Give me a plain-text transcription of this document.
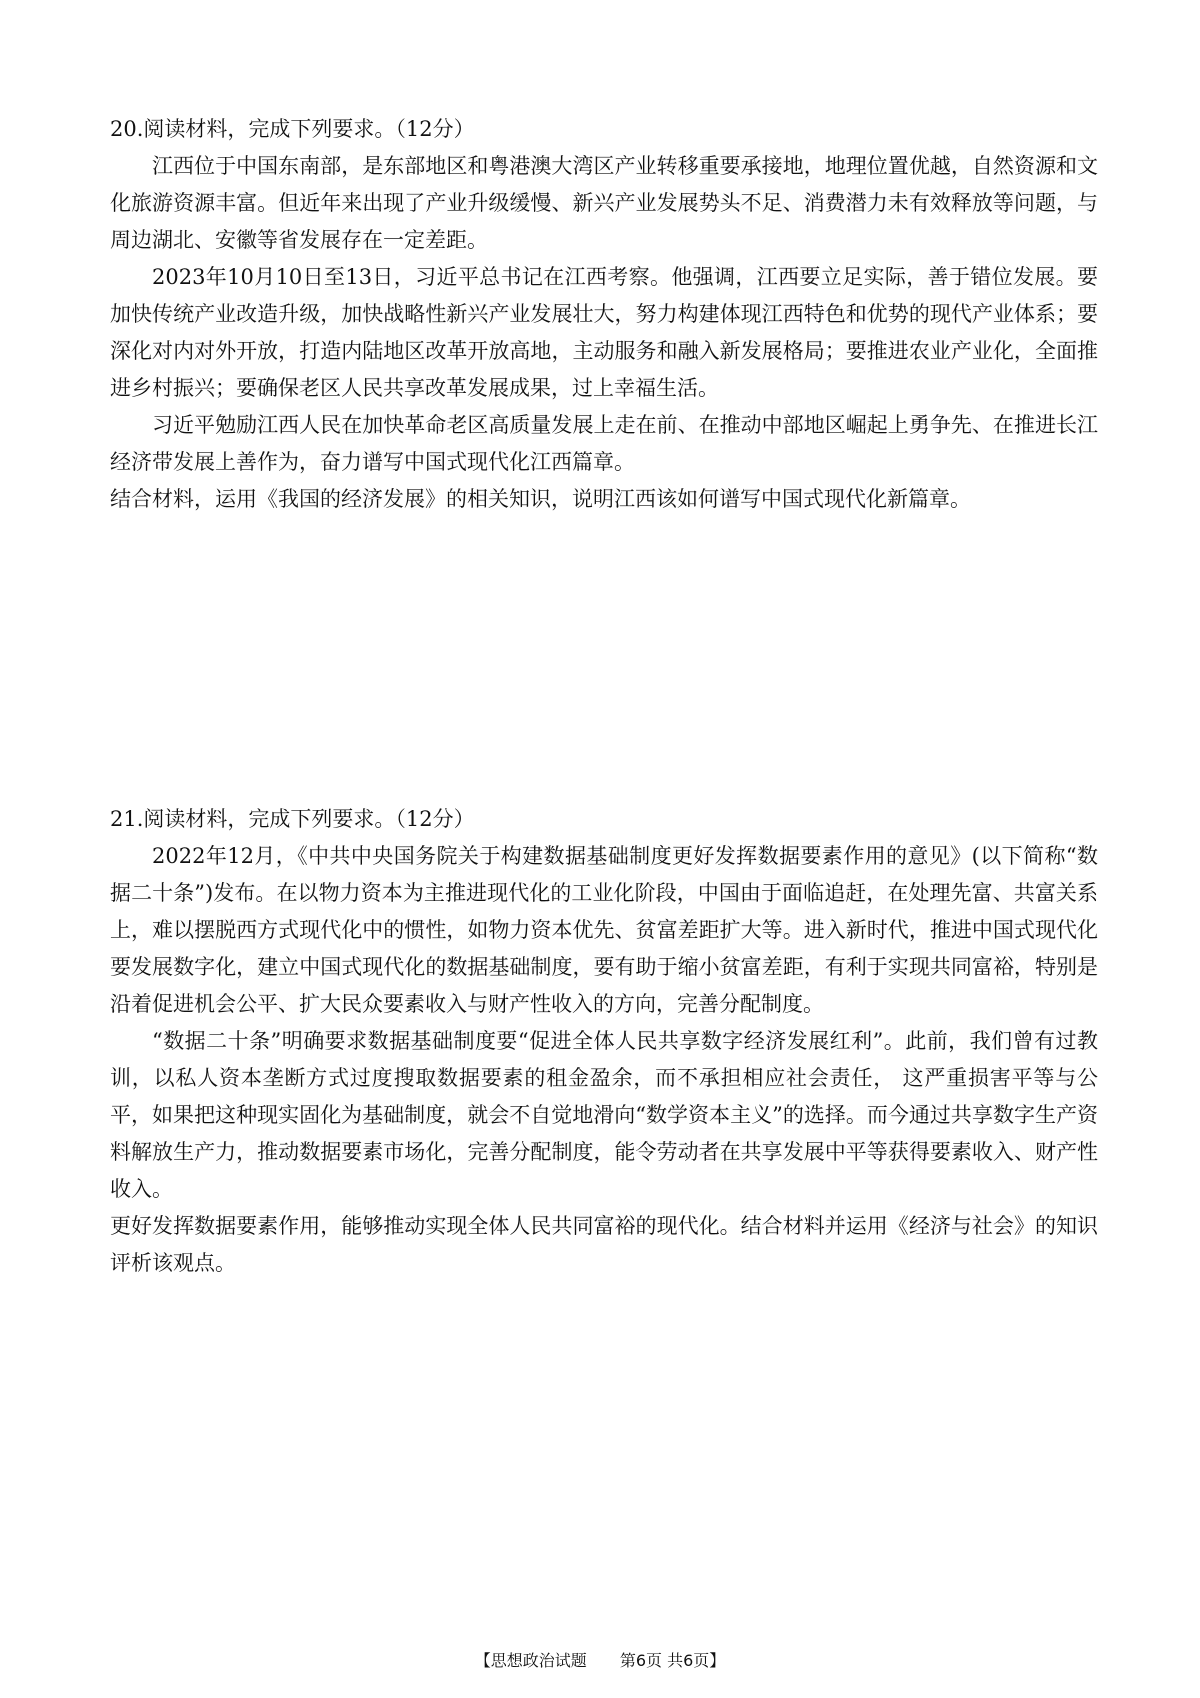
20.阅读材料，完成下列要求。（12分）

江西位于中国东南部，是东部地区和粤港澳大湾区产业转移重要承接地，地理位置优越，自然资源和文化旅游资源丰富。但近年来出现了产业升级缓慢、新兴产业发展势头不足、消费潜力未有效释放等问题，与周边湖北、安徽等省发展存在一定差距。

2023年10月10日至13日，习近平总书记在江西考察。他强调，江西要立足实际，善于错位发展。要加快传统产业改造升级，加快战略性新兴产业发展壮大，努力构建体现江西特色和优势的现代产业体系；要深化对内对外开放，打造内陆地区改革开放高地，主动服务和融入新发展格局；要推进农业产业化，全面推进乡村振兴；要确保老区人民共享改革发展成果，过上幸福生活。

习近平勉励江西人民在加快革命老区高质量发展上走在前、在推动中部地区崛起上勇争先、在推进长江经济带发展上善作为，奋力谱写中国式现代化江西篇章。

结合材料，运用《我国的经济发展》的相关知识，说明江西该如何谱写中国式现代化新篇章。

21.阅读材料，完成下列要求。（12分）

2022年12月，《中共中央国务院关于构建数据基础制度更好发挥数据要素作用的意见》(以下简称“数据二十条”)发布。在以物力资本为主推进现代化的工业化阶段，中国由于面临追赶，在处理先富、共富关系上，难以摆脱西方式现代化中的惯性，如物力资本优先、贫富差距扩大等。进入新时代，推进中国式现代化要发展数字化，建立中国式现代化的数据基础制度，要有助于缩小贫富差距，有利于实现共同富裕，特别是沿着促进机会公平、扩大民众要素收入与财产性收入的方向，完善分配制度。

“数据二十条”明确要求数据基础制度要“促进全体人民共享数字经济发展红利”。此前，我们曾有过教训，以私人资本垄断方式过度搜取数据要素的租金盈余，而不承担相应社会责任， 这严重损害平等与公平，如果把这种现实固化为基础制度，就会不自觉地滑向“数学资本主义”的选择。而今通过共享数字生产资料解放生产力，推动数据要素市场化，完善分配制度，能令劳动者在共享发展中平等获得要素收入、财产性收入。

更好发挥数据要素作用，能够推动实现全体人民共同富裕的现代化。结合材料并运用《经济与社会》的知识评析该观点。

【思想政治试题 第6页 共6页】
